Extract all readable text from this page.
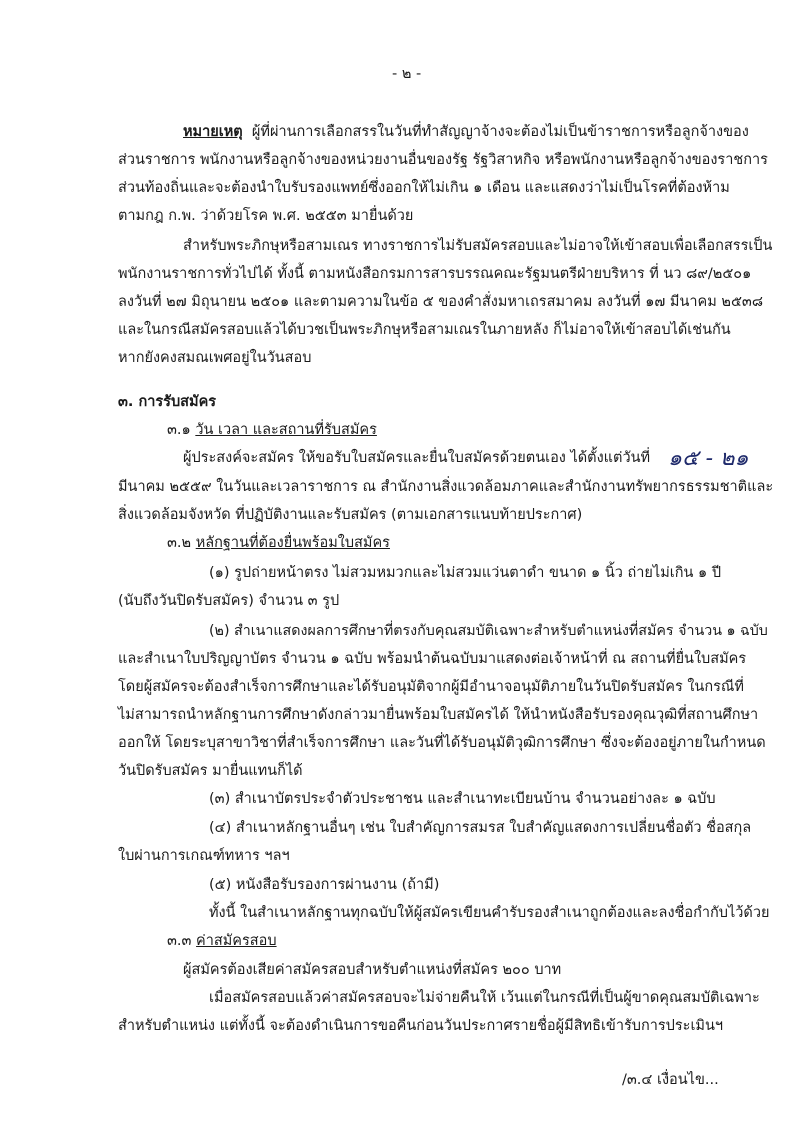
- ๒ -
หมายเหตุ ผู้ที่ผ่านการเลือกสรรในวันที่ทำสัญญาจ้างจะต้องไม่เป็นข้าราชการหรือลูกจ้างของ
ส่วนราชการ พนักงานหรือลูกจ้างของหน่วยงานอื่นของรัฐ รัฐวิสาหกิจ หรือพนักงานหรือลูกจ้างของราชการ
ส่วนท้องถิ่นและจะต้องนำใบรับรองแพทย์ซึ่งออกให้ไม่เกิน ๑ เดือน และแสดงว่าไม่เป็นโรคที่ต้องห้าม
ตามกฎ ก.พ. ว่าด้วยโรค พ.ศ. ๒๕๕๓ มายื่นด้วย
สำหรับพระภิกษุหรือสามเณร ทางราชการไม่รับสมัครสอบและไม่อาจให้เข้าสอบเพื่อเลือกสรรเป็น
พนักงานราชการทั่วไปได้ ทั้งนี้ ตามหนังสือกรมการสารบรรณคณะรัฐมนตรีฝ่ายบริหาร ที่ นว ๘๙/๒๕๐๑
ลงวันที่ ๒๗ มิถุนายน ๒๕๐๑ และตามความในข้อ ๕ ของคำสั่งมหาเถรสมาคม ลงวันที่ ๑๗ มีนาคม ๒๕๓๘
และในกรณีสมัครสอบแล้วได้บวชเป็นพระภิกษุหรือสามเณรในภายหลัง ก็ไม่อาจให้เข้าสอบได้เช่นกัน
หากยังคงสมณเพศอยู่ในวันสอบ
๓. การรับสมัคร
๓.๑ วัน เวลา และสถานที่รับสมัคร
ผู้ประสงค์จะสมัคร ให้ขอรับใบสมัครและยื่นใบสมัครด้วยตนเอง ได้ตั้งแต่วันที่ ๑๕ - ๒๑
มีนาคม ๒๕๕๙ ในวันและเวลาราชการ ณ สำนักงานสิ่งแวดล้อมภาคและสำนักงานทรัพยากรธรรมชาติและ
สิ่งแวดล้อมจังหวัด ที่ปฏิบัติงานและรับสมัคร (ตามเอกสารแนบท้ายประกาศ)
๓.๒ หลักฐานที่ต้องยื่นพร้อมใบสมัคร
(๑) รูปถ่ายหน้าตรง ไม่สวมหมวกและไม่สวมแว่นตาดำ ขนาด ๑ นิ้ว ถ่ายไม่เกิน ๑ ปี
(นับถึงวันปิดรับสมัคร) จำนวน ๓ รูป
(๒) สำเนาแสดงผลการศึกษาที่ตรงกับคุณสมบัติเฉพาะสำหรับตำแหน่งที่สมัคร จำนวน ๑ ฉบับ
และสำเนาใบปริญญาบัตร จำนวน ๑ ฉบับ พร้อมนำต้นฉบับมาแสดงต่อเจ้าหน้าที่ ณ สถานที่ยื่นใบสมัคร
โดยผู้สมัครจะต้องสำเร็จการศึกษาและได้รับอนุมัติจากผู้มีอำนาจอนุมัติภายในวันปิดรับสมัคร ในกรณีที่
ไม่สามารถนำหลักฐานการศึกษาดังกล่าวมายื่นพร้อมใบสมัครได้ ให้นำหนังสือรับรองคุณวุฒิที่สถานศึกษา
ออกให้ โดยระบุสาขาวิชาที่สำเร็จการศึกษา และวันที่ได้รับอนุมัติวุฒิการศึกษา ซึ่งจะต้องอยู่ภายในกำหนด
วันปิดรับสมัคร มายื่นแทนก็ได้
(๓) สำเนาบัตรประจำตัวประชาชน และสำเนาทะเบียนบ้าน จำนวนอย่างละ ๑ ฉบับ
(๔) สำเนาหลักฐานอื่นๆ เช่น ใบสำคัญการสมรส ใบสำคัญแสดงการเปลี่ยนชื่อตัว ชื่อสกุล
ใบผ่านการเกณฑ์ทหาร ฯลฯ
(๕) หนังสือรับรองการผ่านงาน (ถ้ามี)
ทั้งนี้ ในสำเนาหลักฐานทุกฉบับให้ผู้สมัครเขียนคำรับรองสำเนาถูกต้องและลงชื่อกำกับไว้ด้วย
๓.๓ ค่าสมัครสอบ
ผู้สมัครต้องเสียค่าสมัครสอบสำหรับตำแหน่งที่สมัคร ๒๐๐ บาท
เมื่อสมัครสอบแล้วค่าสมัครสอบจะไม่จ่ายคืนให้ เว้นแต่ในกรณีที่เป็นผู้ขาดคุณสมบัติเฉพาะ
สำหรับตำแหน่ง แต่ทั้งนี้ จะต้องดำเนินการขอคืนก่อนวันประกาศรายชื่อผู้มีสิทธิเข้ารับการประเมินฯ
/๓.๔ เงื่อนไข...
